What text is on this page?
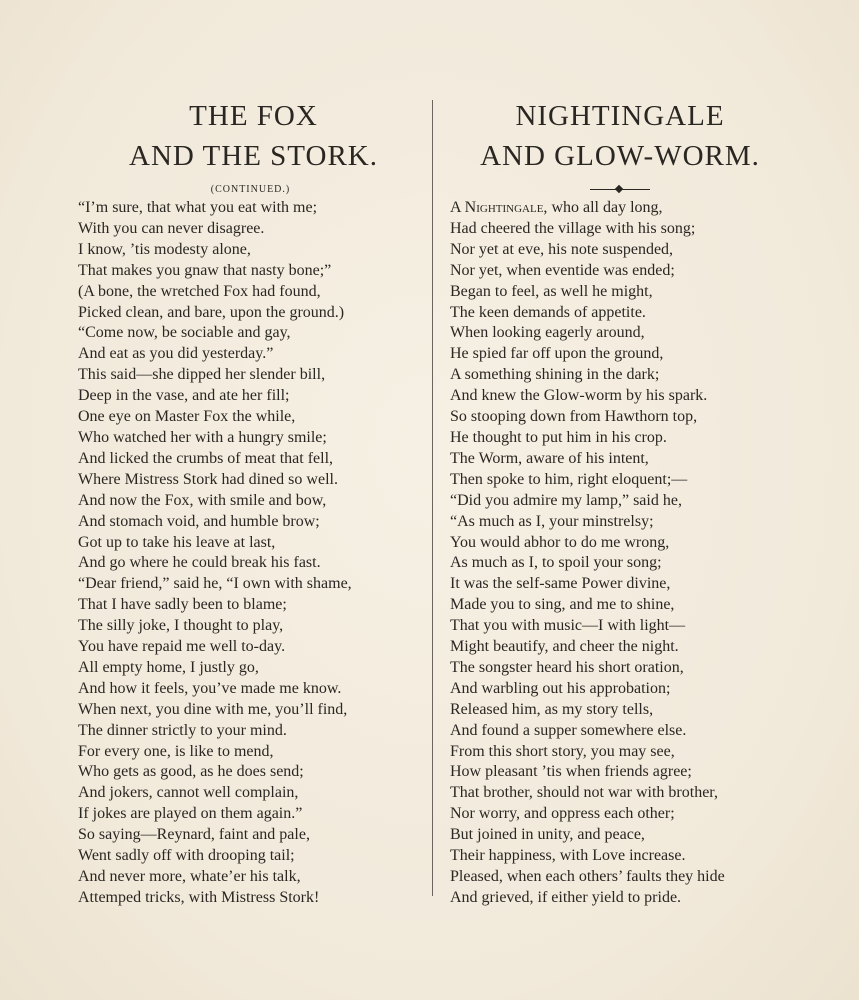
THE FOX
AND THE STORK.
(CONTINUED.)
“I’m sure, that what you eat with me;
With you can never disagree.
I know, ’tis modesty alone,
That makes you gnaw that nasty bone;”
(A bone, the wretched Fox had found,
Picked clean, and bare, upon the ground.)
“Come now, be sociable and gay,
And eat as you did yesterday.”
This said—she dipped her slender bill,
Deep in the vase, and ate her fill;
One eye on Master Fox the while,
Who watched her with a hungry smile;
And licked the crumbs of meat that fell,
Where Mistress Stork had dined so well.
And now the Fox, with smile and bow,
And stomach void, and humble brow;
Got up to take his leave at last,
And go where he could break his fast.
“Dear friend,” said he, “I own with shame,
That I have sadly been to blame;
The silly joke, I thought to play,
You have repaid me well to-day.
All empty home, I justly go,
And how it feels, you’ve made me know.
When next, you dine with me, you’ll find,
The dinner strictly to your mind.
For every one, is like to mend,
Who gets as good, as he does send;
And jokers, cannot well complain,
If jokes are played on them again.”
So saying—Reynard, faint and pale,
Went sadly off with drooping tail;
And never more, whate’er his talk,
Attemped tricks, with Mistress Stork!
NIGHTINGALE
AND GLOW-WORM.
A Nightingale, who all day long,
Had cheered the village with his song;
Nor yet at eve, his note suspended,
Nor yet, when eventide was ended;
Began to feel, as well he might,
The keen demands of appetite.
When looking eagerly around,
He spied far off upon the ground,
A something shining in the dark;
And knew the Glow-worm by his spark.
So stooping down from Hawthorn top,
He thought to put him in his crop.
The Worm, aware of his intent,
Then spoke to him, right eloquent;—
“Did you admire my lamp,” said he,
“As much as I, your minstrelsy;
You would abhor to do me wrong,
As much as I, to spoil your song;
It was the self-same Power divine,
Made you to sing, and me to shine,
That you with music—I with light—
Might beautify, and cheer the night.
The songster heard his short oration,
And warbling out his approbation;
Released him, as my story tells,
And found a supper somewhere else.
From this short story, you may see,
How pleasant ’tis when friends agree;
That brother, should not war with brother,
Nor worry, and oppress each other;
But joined in unity, and peace,
Their happiness, with Love increase.
Pleased, when each others’ faults they hide
And grieved, if either yield to pride.
